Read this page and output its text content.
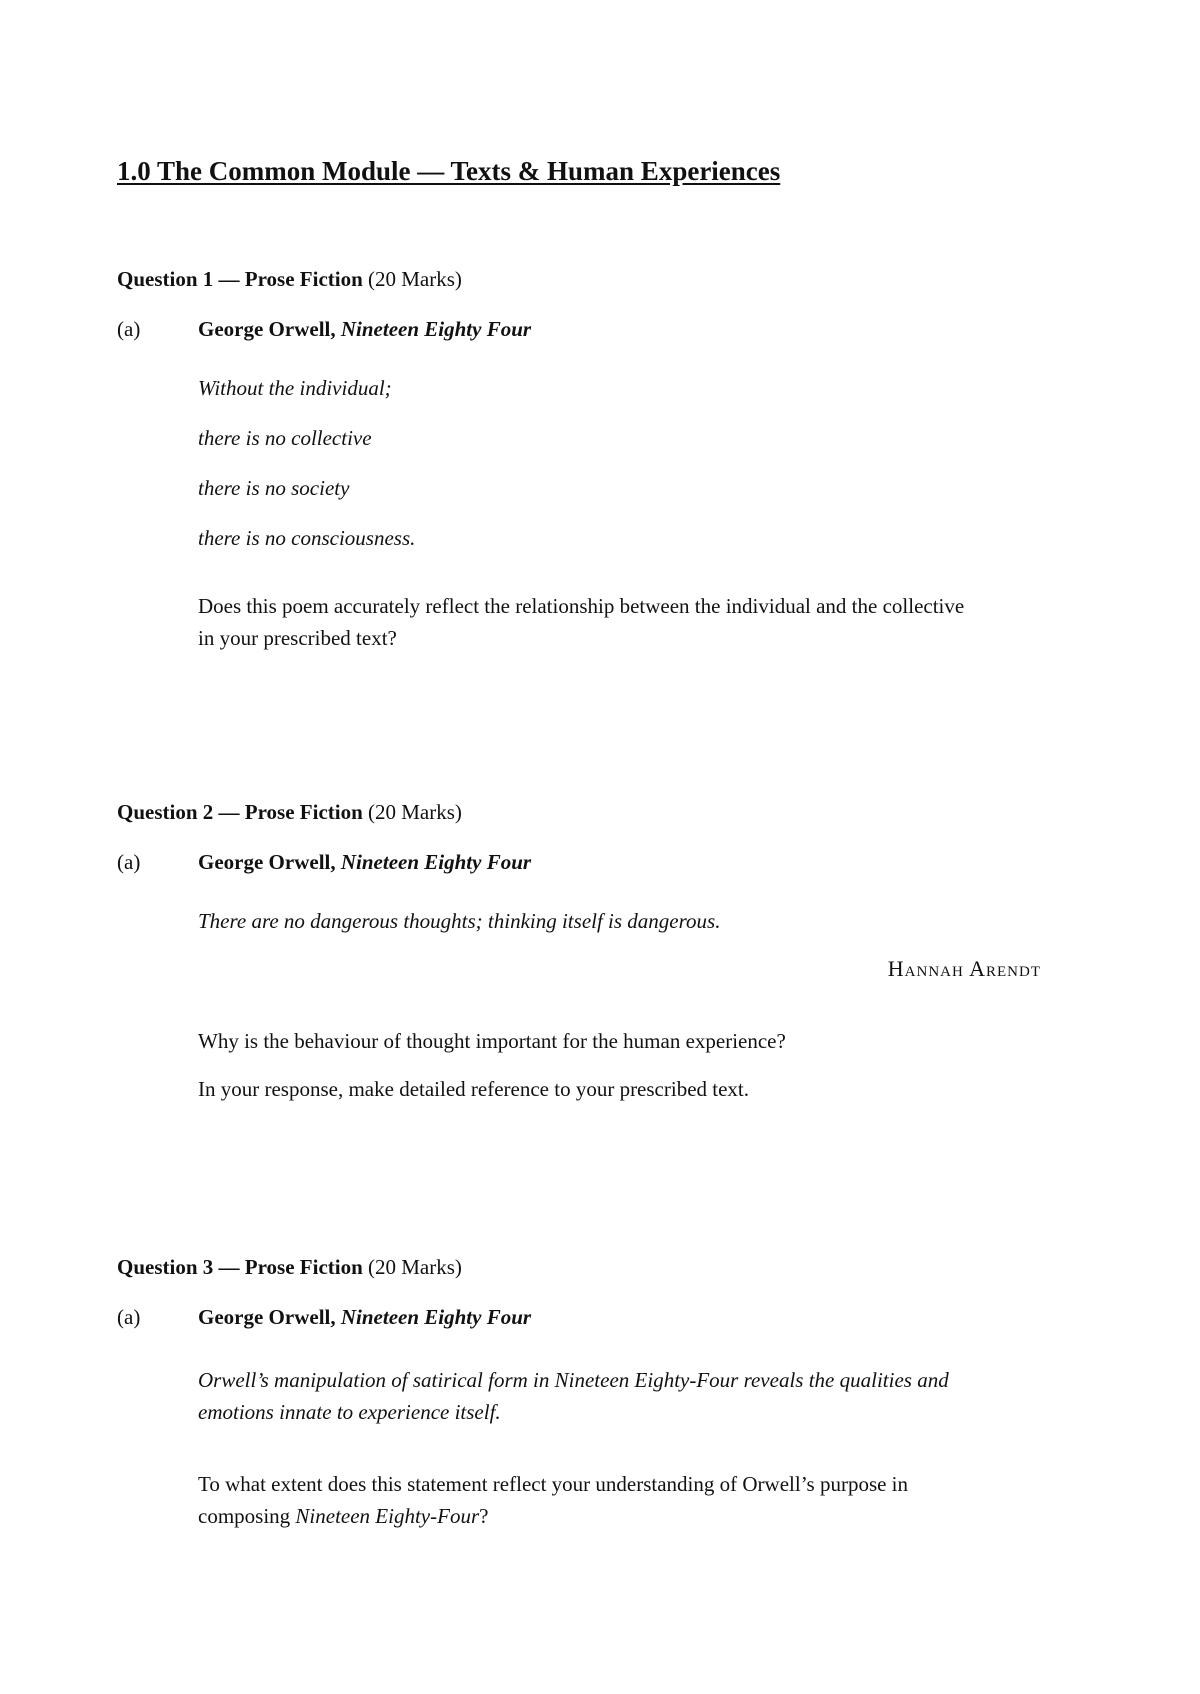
1.0 The Common Module — Texts & Human Experiences
Question 1 — Prose Fiction (20 Marks)
(a)	George Orwell, Nineteen Eighty Four
Without the individual;
there is no collective
there is no society
there is no consciousness.
Does this poem accurately reflect the relationship between the individual and the collective
in your prescribed text?
Question 2 — Prose Fiction (20 Marks)
(a)	George Orwell, Nineteen Eighty Four
There are no dangerous thoughts; thinking itself is dangerous.
Hannah Arendt
Why is the behaviour of thought important for the human experience?
In your response, make detailed reference to your prescribed text.
Question 3 — Prose Fiction (20 Marks)
(a)	George Orwell, Nineteen Eighty Four
Orwell’s manipulation of satirical form in Nineteen Eighty-Four reveals the qualities and
emotions innate to experience itself.
To what extent does this statement reflect your understanding of Orwell’s purpose in
composing Nineteen Eighty-Four?
